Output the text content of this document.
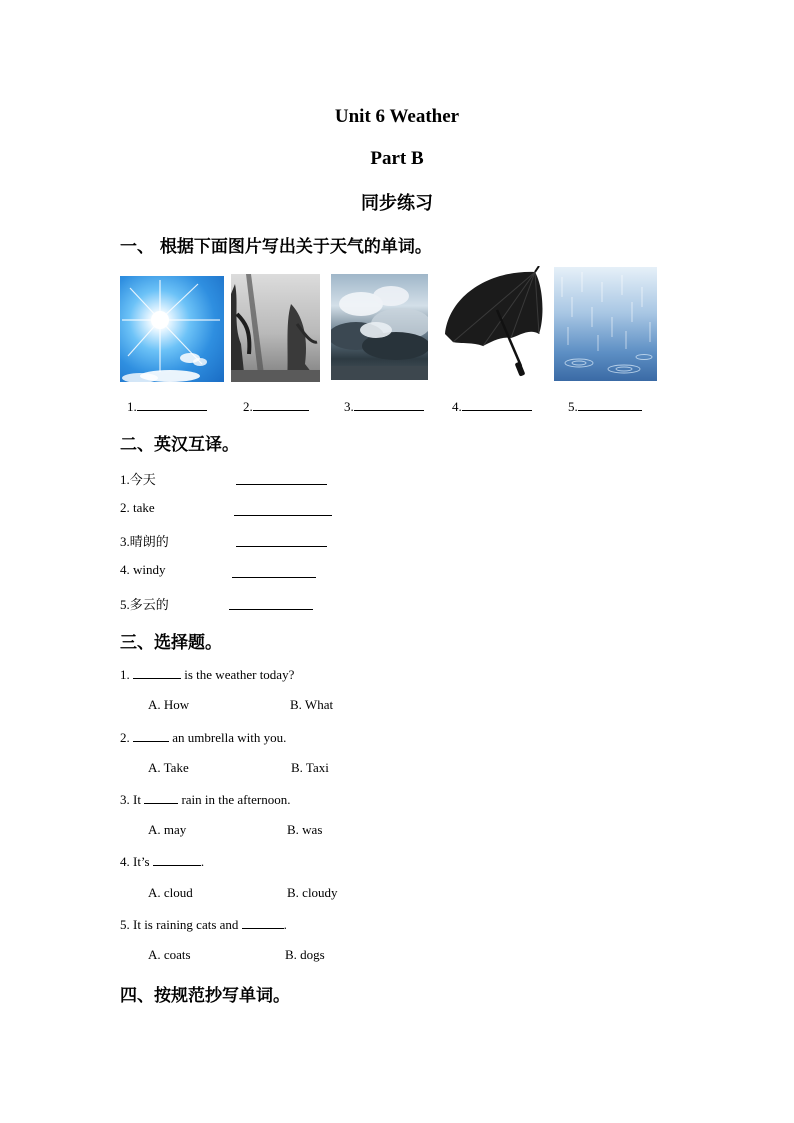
Unit 6 Weather
Part B
同步练习
一、 根据下面图片写出关于天气的单词。
1.	2.	3.	4.	5.
二、英汉互译。
1.今天
2. take
3.晴朗的
4. windy
5.多云的
三、选择题。
1.	is the weather today?
A. How	B. What
2.	an umbrella with you.
A. Take	B. Taxi
3. It	rain in the afternoon.
A. may	B. was
4. It’s	.
A. cloud	B. cloudy
5. It is raining cats and	.
A. coats	B. dogs
四、按规范抄写单词。
